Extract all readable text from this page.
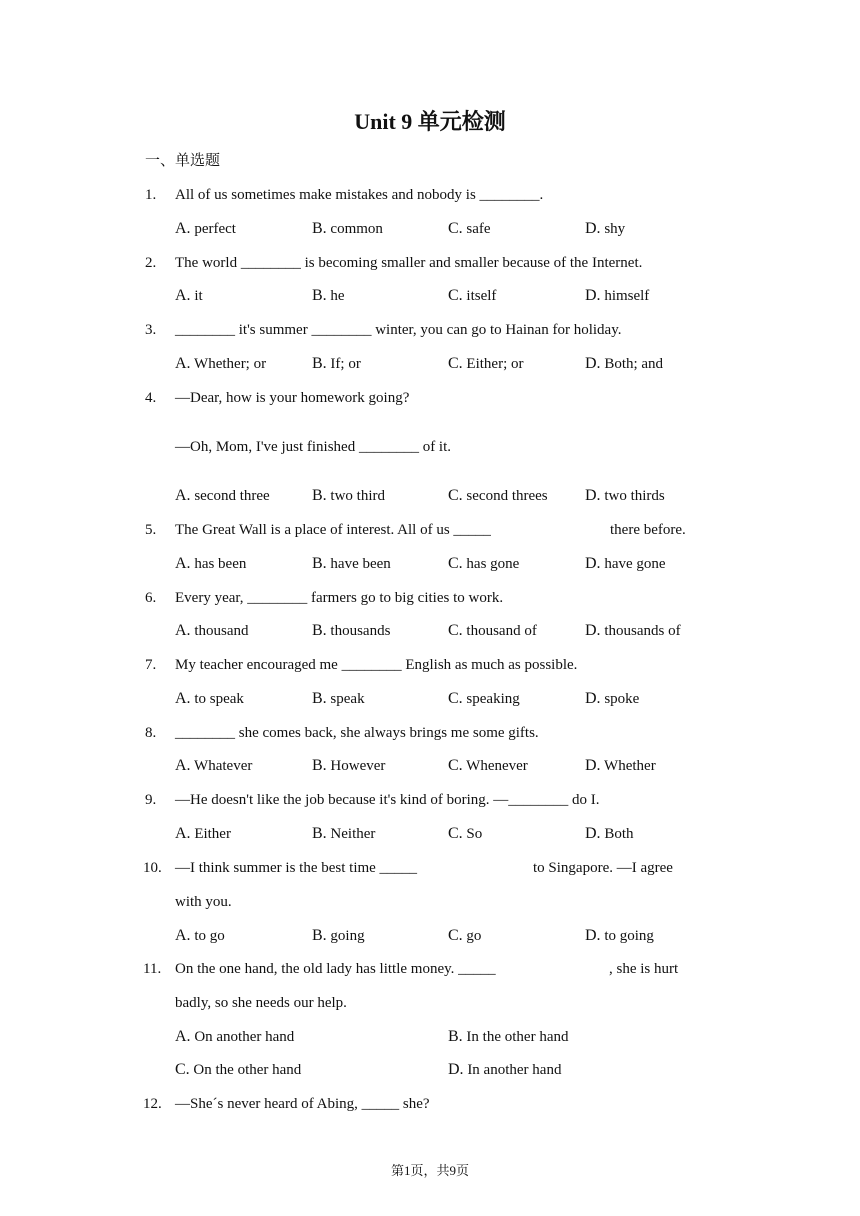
Unit 9 单元检测
一、单选题
1. All of us sometimes make mistakes and nobody is ________.
A. perfect	B. common	C. safe	D. shy
2. The world ________ is becoming smaller and smaller because of the Internet.
A. it	B. he	C. itself	D. himself
3. ________ it's summer ________ winter, you can go to Hainan for holiday.
A. Whether; or	B. If; or	C. Either; or	D. Both; and
4. —Dear, how is your homework going?
—Oh, Mom, I've just finished ________ of it.
A. second three	B. two third	C. second threes D. two thirds
5. The Great Wall is a place of interest. All of us _____	there before.
A. has been	B. have been	C. has gone	D. have gone
6. Every year, ________ farmers go to big cities to work.
A. thousand	B. thousands	C. thousand of	D. thousands of
7. My teacher encouraged me ________ English as much as possible.
A. to speak	B. speak	C. speaking	D. spoke
8. ________ she comes back, she always brings me some gifts.
A. Whatever	B. However	C. Whenever	D. Whether
9. —He doesn't like the job because it's kind of boring. —________ do I.
A. Either	B. Neither	C. So	D. Both
10. —I think summer is the best time _____	to Singapore. —I agree
with you.
A. to go	B. going	C. go	D. to going
11. On the one hand, the old lady has little money. _____	, she is hurt
badly, so she needs our help.
A. On another hand	B. In the other hand
C. On the other hand	D. In another hand
12. —She´s never heard of Abing, _____ she?
第1页，共9页
